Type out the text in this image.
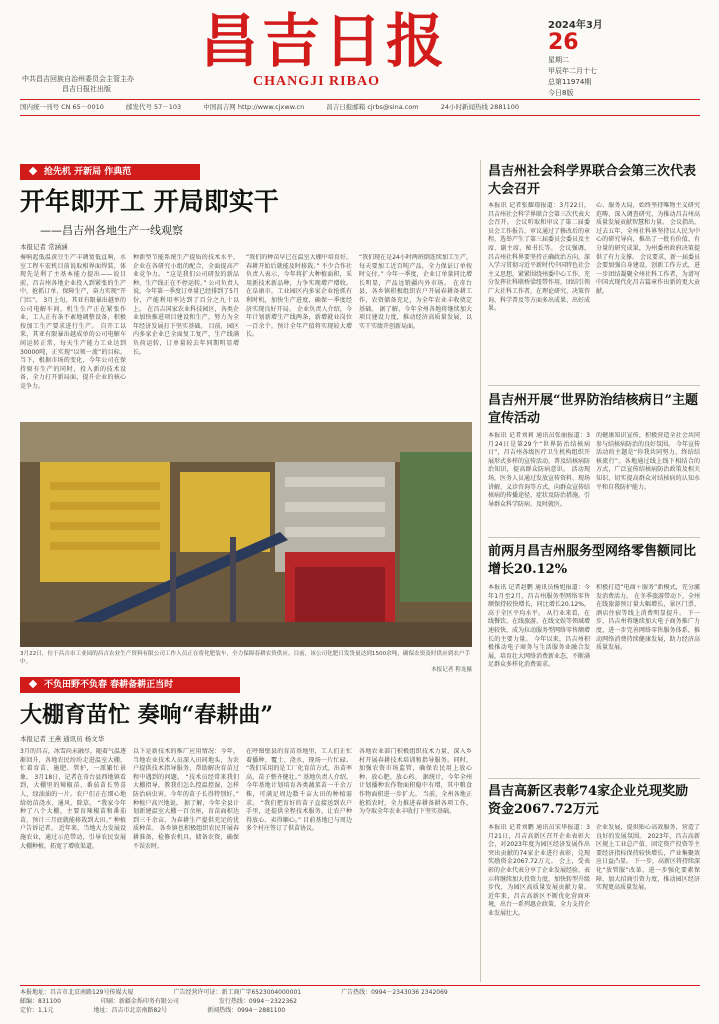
昌吉日报
CHANGJI RIBAO
中共昌吉回族自治州委员会主管主办
昌吉日报社出版
2024年3月
26
星期二
甲辰年二月十七
总第11974期
今日8版
国内统一刊号 CN 65－0010	邮发代号 57－103	中国昌吉网 http://www.cjxww.cn	昌吉日报邮箱 cjrbs@sina.com	24小时新闻热线 2881100
抢先机 开新局 作典范
开年即开工 开局即实干
——昌吉州各地生产一线观察
本报记者 常涵涵
奏响起低温黄豆生产丰调宽低直响，水室工程车宏机目前说取相界面焊装，体现先是利了主基本能力提出——说目前，昌吉州各地企业投入到紧张的生产中，抢抓订单，保障生产，奋力实现“开门红”。 3月上旬，其亚有限暴出越单的公司电解车间，机生生产正在紧张作业，工人正有条不紊地调整设备，积极按加工生产要求进行生产。 自开工以来，其亚有限暴出越成单的公司电解车间运转正常，每天生产能力工业达到30000吨，正实现“以领一流”的目标。 当下，根据市场的变化，今年公司在保持原有生产的同时，投入新的技术设备，全力打开新局面，提升企业的核心竞争力。
种新型节能系统生产提质的技术水平，企业在各研究小组的配合，全面提高产业竞争力。 “这是我们公司研发的新品种，生产线正在不停运转。” 公司负责人说，今年第一季度订单量已经排到了5月份，产能利用率达到了百分之九十以上。 在昌吉国家农业科技园区，各类企业加快推进项目建设和生产，努力为全年经济发展打下坚实基础。 目前，园区内多家企业已全面复工复产，生产线满负荷运转，订单量较去年同期明显增长。
“我们的种苗早已在温室大棚中培育好，春耕开始后就能及时移栽。” 不少合作社负责人表示，今年将扩大种植面积，采用新技术新品种，力争实现增产增收。 在阜康市，工业园区内多家企业抢抓有利时机，加快生产进度，确保一季度经济实现良好开局。 企业负责人介绍，今年计划新增生产线两条，新增就业岗位一百余个，预计全年产值将实现较大增长。
“我们现在是24小时两班倒连续加工生产，每天要加工近百吨产品，全力保证订单按时交付。” 今年一季度，企业订单量同比增长明显，产品远销疆内外市场。 在奇台县，各乡镇积极组织农户开展春耕备耕工作，农资储备充足，为全年农业丰收奠定基础。 据了解，今年全州各地将继续加大项目建设力度，推动经济高质量发展，以实干实绩开创新局面。
3月22日，位于昌吉市工业园的昌吉农业生产资料有限公司工作人员正在将化肥装车，全力保障春耕农资供应。目前，该公司化肥日发货量达到1500余吨，确保农资及时供应到农户手中。
本报记者 程龙摄
不负田野不负春 春耕备耕正当时
大棚育苗忙 奏响“春耕曲”
本报记者 王燕 通讯员 杨文华
3月的昌吉，冰雪尚未融尽，随着气温逐渐回升，各地农民纷纷走进温室大棚，忙着育苗、施肥、管护，一派繁忙景象。 3月18日，记者在奇台县西地镇看到，大棚里的辣椒苗、番茄苗长势喜人，绿油油的一片。农户们正在细心地给幼苗浇水、通风、除草。 “我家今年种了八个大棚，主要育辣椒苗和番茄苗，预计三月底就能移栽到大田。” 种植户告诉记者。 近年来，当地大力发展设施农业，通过示范带动，引导农民发展大棚种植，拓宽了增收渠道。
以下是新技术的推广应用情况：今年，当地农业技术人员深入田间地头，为农户提供技术指导服务，帮助解决育苗过程中遇到的问题。 “技术员经常来我们大棚指导，教我们怎么控温控湿，怎样防治病虫害，今年的苗子长得特别好。” 种植户高兴地说。 据了解，今年全县计划新建温室大棚一百余座，育苗面积达到三千余亩，为春耕生产提供充足的优质种苗。 各乡镇也积极组织农民开展春耕准备，检修农机具，储备农资，确保不误农时。
在呼图壁县的育苗基地里，工人们正忙着播种、覆土、浇水，现场一片忙碌。 “我们采用的是工厂化育苗方式，出苗率高，苗子整齐健壮。” 基地负责人介绍，今年基地计划培育各类蔬菜苗一千余万株，可满足周边数千亩大田的种植需求。 “我们把育好的苗子直接送到农户手里，还提供全程技术服务，让农户种得放心、卖得顺心。” 目前基地已与周边多个村庄签订了供苗协议。
各地农业部门积极组织技术力量，深入乡村开展春耕技术培训和指导服务。同时，加强农资市场监管，确保农民用上放心种、放心肥、放心药。 据统计，今年全州计划播种农作物面积稳中有增，其中粮食作物面积进一步扩大。 当前，全州各地正抢抓农时，全力推进春耕备耕各项工作，为夺取全年农业丰收打下坚实基础。
昌吉州社会科学界联合会第三次代表大会召开
本报讯 记者张耀璟报道：3月22日，昌吉州社会科学界联合会第三次代表大会召开。 会议听取和审议了第二届委员会工作报告，审议通过了修改后的章程，选举产生了第三届委员会委员及主席、副主席、秘书长等。 会议强调，昌吉州社科界要坚持正确政治方向，深入学习贯彻习近平新时代中国特色社会主义思想，紧紧围绕州委中心工作，充分发挥社科联桥梁纽带作用，团结引领广大社科工作者，在理论研究、决策咨询、科学普及等方面多出成果、出好成果。
心、服务大局，始终坚持唯物主义研究范畴，深入调查研究，为推动昌吉州高质量发展贡献智慧和力量。 会议指出，过去五年，全州社科界坚持以人民为中心的研究导向，推出了一批有价值、有分量的研究成果，为州委州政府决策提供了有力支撑。 会议要求，新一届委员会要加强自身建设，创新工作方式，进一步团结凝聚全州社科工作者，为谱写中国式现代化昌吉篇章作出新的更大贡献。
昌吉州开展“世界防治结核病日”主题宣传活动
本报讯 记者刘莉 通讯员张丽报道：3月24日是第29个“世界防治结核病日”，昌吉州各级医疗卫生机构组织开展形式多样的宣传活动，普及结核病防治知识，提高群众防病意识。 活动现场，医务人员通过发放宣传资料、现场讲解、义诊咨询等方式，向群众宣传结核病的传播途径、症状及防治措施，引导群众科学防病、及时就医。
的健康知识宣传，积极营造全社会共同参与结核病防治的良好氛围。 今年宣传活动的主题是“你我共同努力，终结结核流行”。各地通过线上线下相结合的方式，广泛宣传结核病防治政策及相关知识，切实提高群众对结核病的认知水平和自我防护能力。
前两月昌吉州服务型网络零售额同比增长20.12%
本报讯 记者赵鹏 通讯员杨旭报道：今年1月至2月，昌吉州服务型网络零售额保持较快增长，同比增长20.12%，高于全区平均水平。 从行业来看，在线餐饮、在线旅游、在线文娱等领域增速较快，成为拉动服务型网络零售额增长的主要力量。 今年以来，昌吉州积极推动电子商务与生活服务业融合发展，培育壮大网络消费新业态，不断满足群众多样化消费需求。
积极打造“电商＋服务”新模式，充分激发消费活力。 在冬季旅游带动下，全州在线旅游预订量大幅增长，景区门票、酒店住宿等线上消费明显提升。 下一步，昌吉州将继续加大电子商务推广力度，进一步完善网络零售服务体系，推动网络消费持续健康发展，助力经济高质量发展。
昌吉高新区表彰74家企业兑现奖励资金2067.72万元
本报讯 记者刘鹏 通讯员宋华报道：3月21日，昌吉高新区召开企业表彰大会，对2023年度为园区经济发展作出突出贡献的74家企业进行表彰，兑现奖励资金2067.72万元。 会上，受表彰的企业代表分享了企业发展经验，表示将继续加大投资力度，加快转型升级步伐，为园区高质量发展贡献力量。 近年来，昌吉高新区不断优化营商环境，出台一系列惠企政策，全力支持企业发展壮大。
企业发展，提供贴心高效服务，营造了良好的发展氛围。 2023年，昌吉高新区规上工业总产值、固定资产投资等主要经济指标保持较快增长，产业集聚效应日益凸显。 下一步，高新区将持续深化“放管服”改革，进一步强化要素保障，加大招商引资力度，推动园区经济实现更高质量发展。
本报地址：昌吉市北京南路129号传媒大厦	广告经营许可证：新工商广字6523004000001	广告热线：0994－2343036 2342069
邮编：831100	印刷：新疆金烁印务有限公司	发行热线：0994－2322362
定价：1.1元	地址：昌吉市北京南路82号	新闻热线：0994－2881100
